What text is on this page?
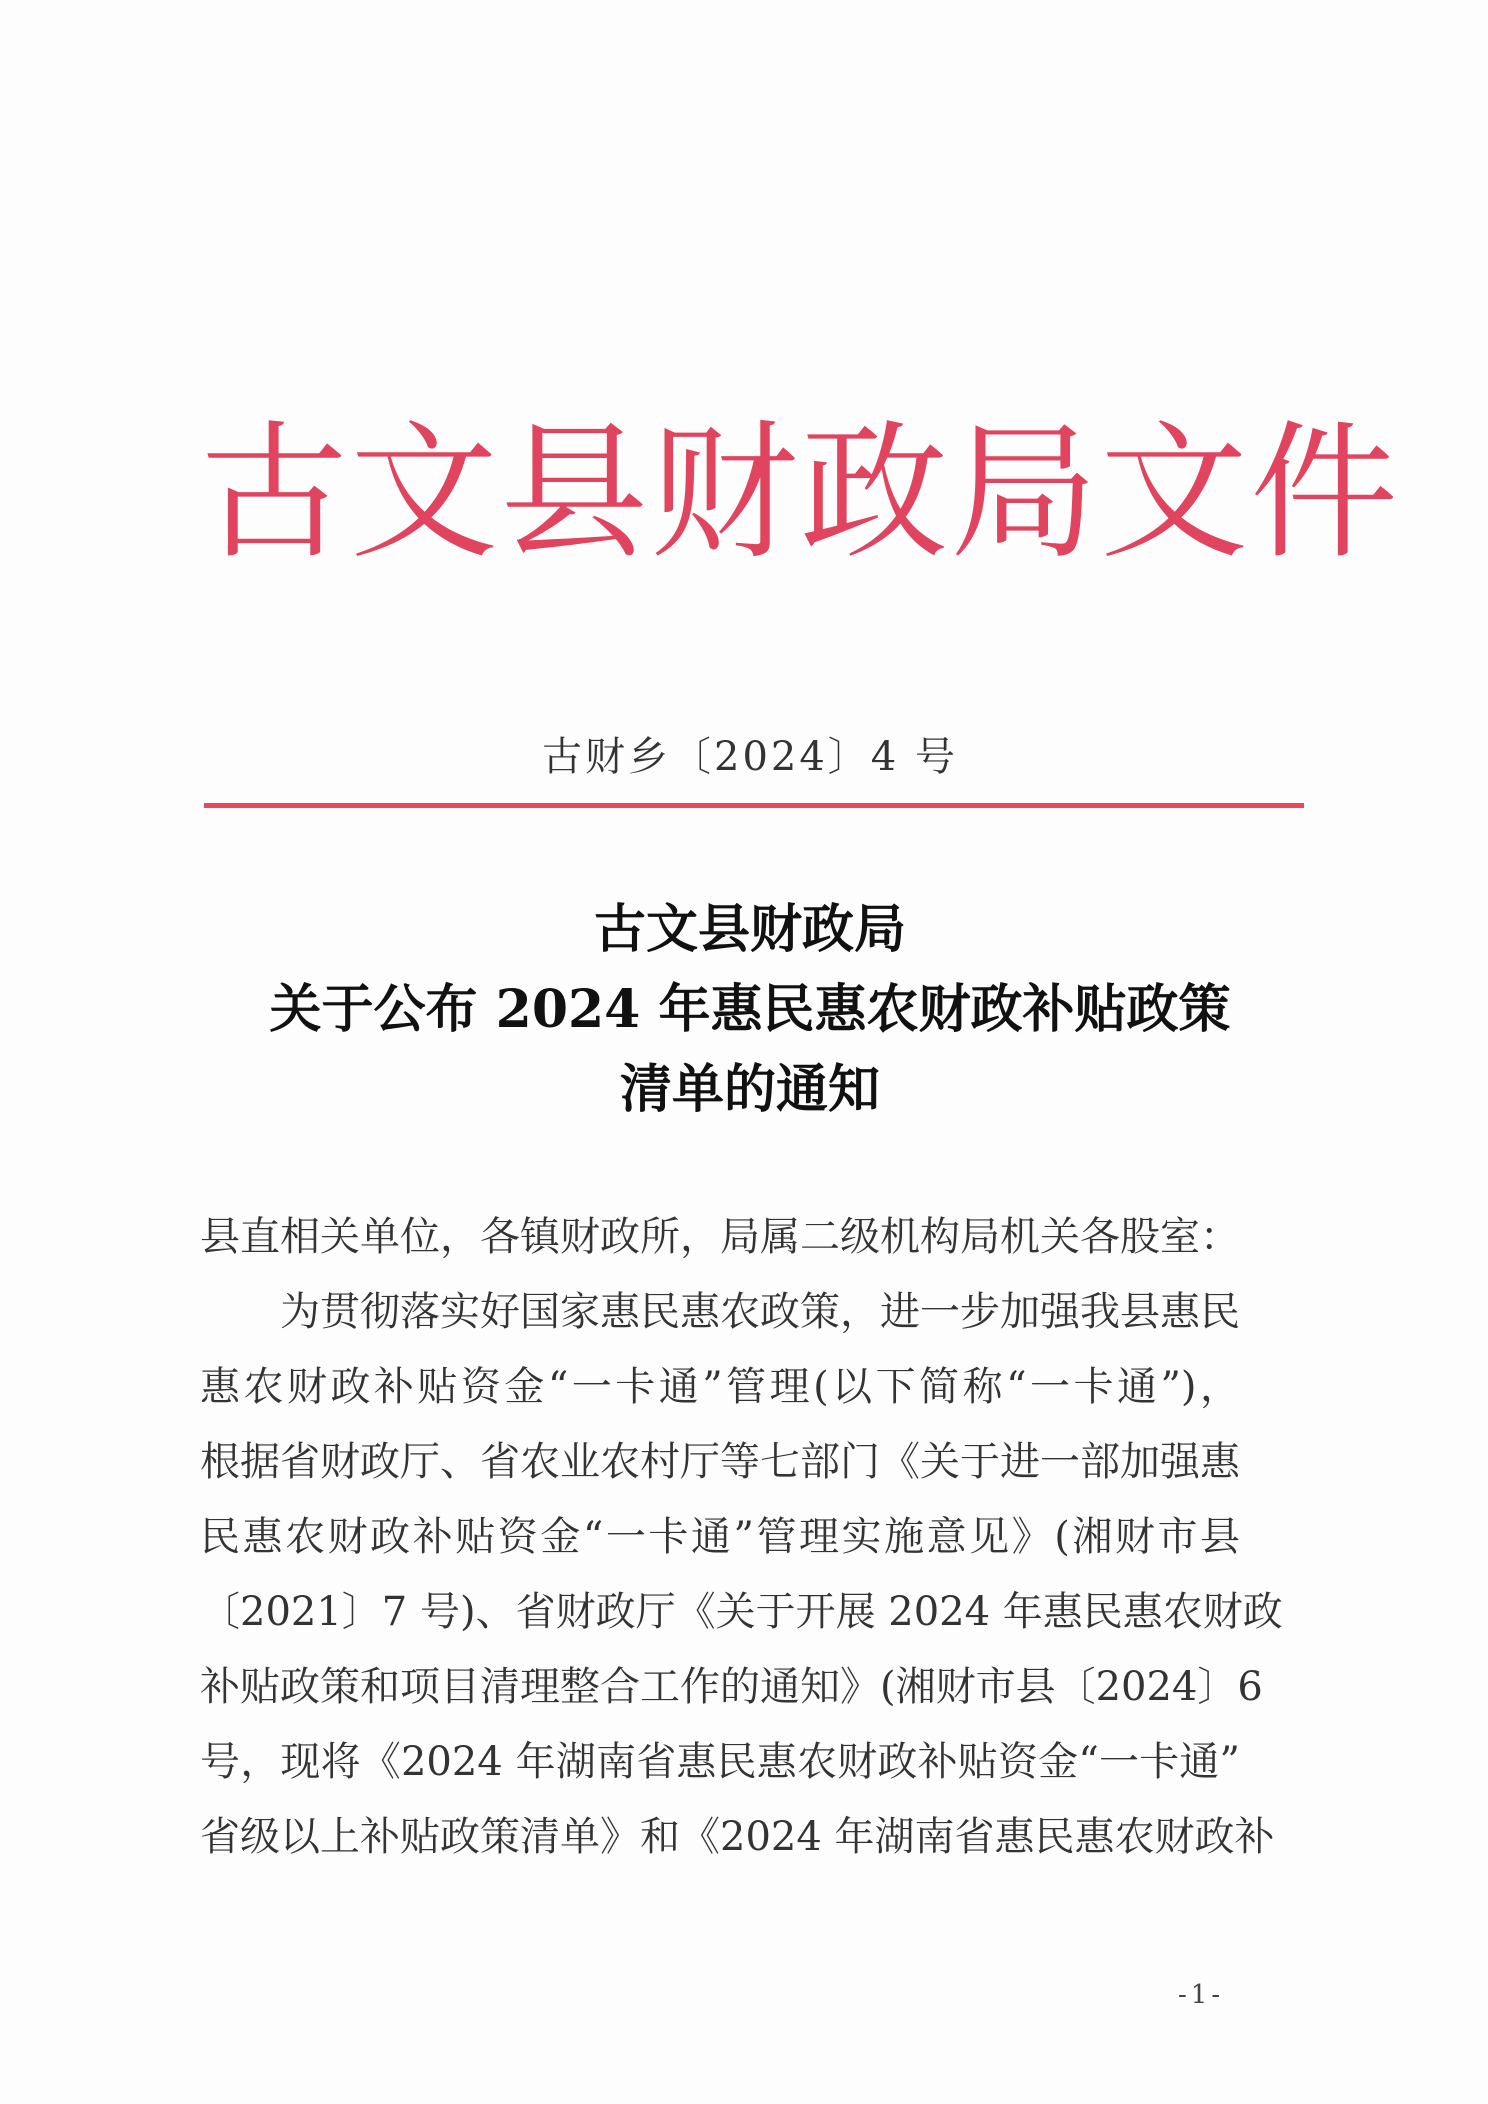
古文县财政局文件
古财乡〔2024〕4 号
古文县财政局
关于公布 2024 年惠民惠农财政补贴政策
清单的通知
县直相关单位，各镇财政所，局属二级机构局机关各股室：
为贯彻落实好国家惠民惠农政策，进一步加强我县惠民
惠农财政补贴资金“一卡通”管理(以下简称“一卡通”)，
根据省财政厅、省农业农村厅等七部门《关于进一部加强惠
民惠农财政补贴资金“一卡通”管理实施意见》(湘财市县
〔2021〕7 号)、省财政厅《关于开展 2024 年惠民惠农财政
补贴政策和项目清理整合工作的通知》(湘财市县〔2024〕6
号，现将《2024 年湖南省惠民惠农财政补贴资金“一卡通”
省级以上补贴政策清单》和《2024 年湖南省惠民惠农财政补
-1-
